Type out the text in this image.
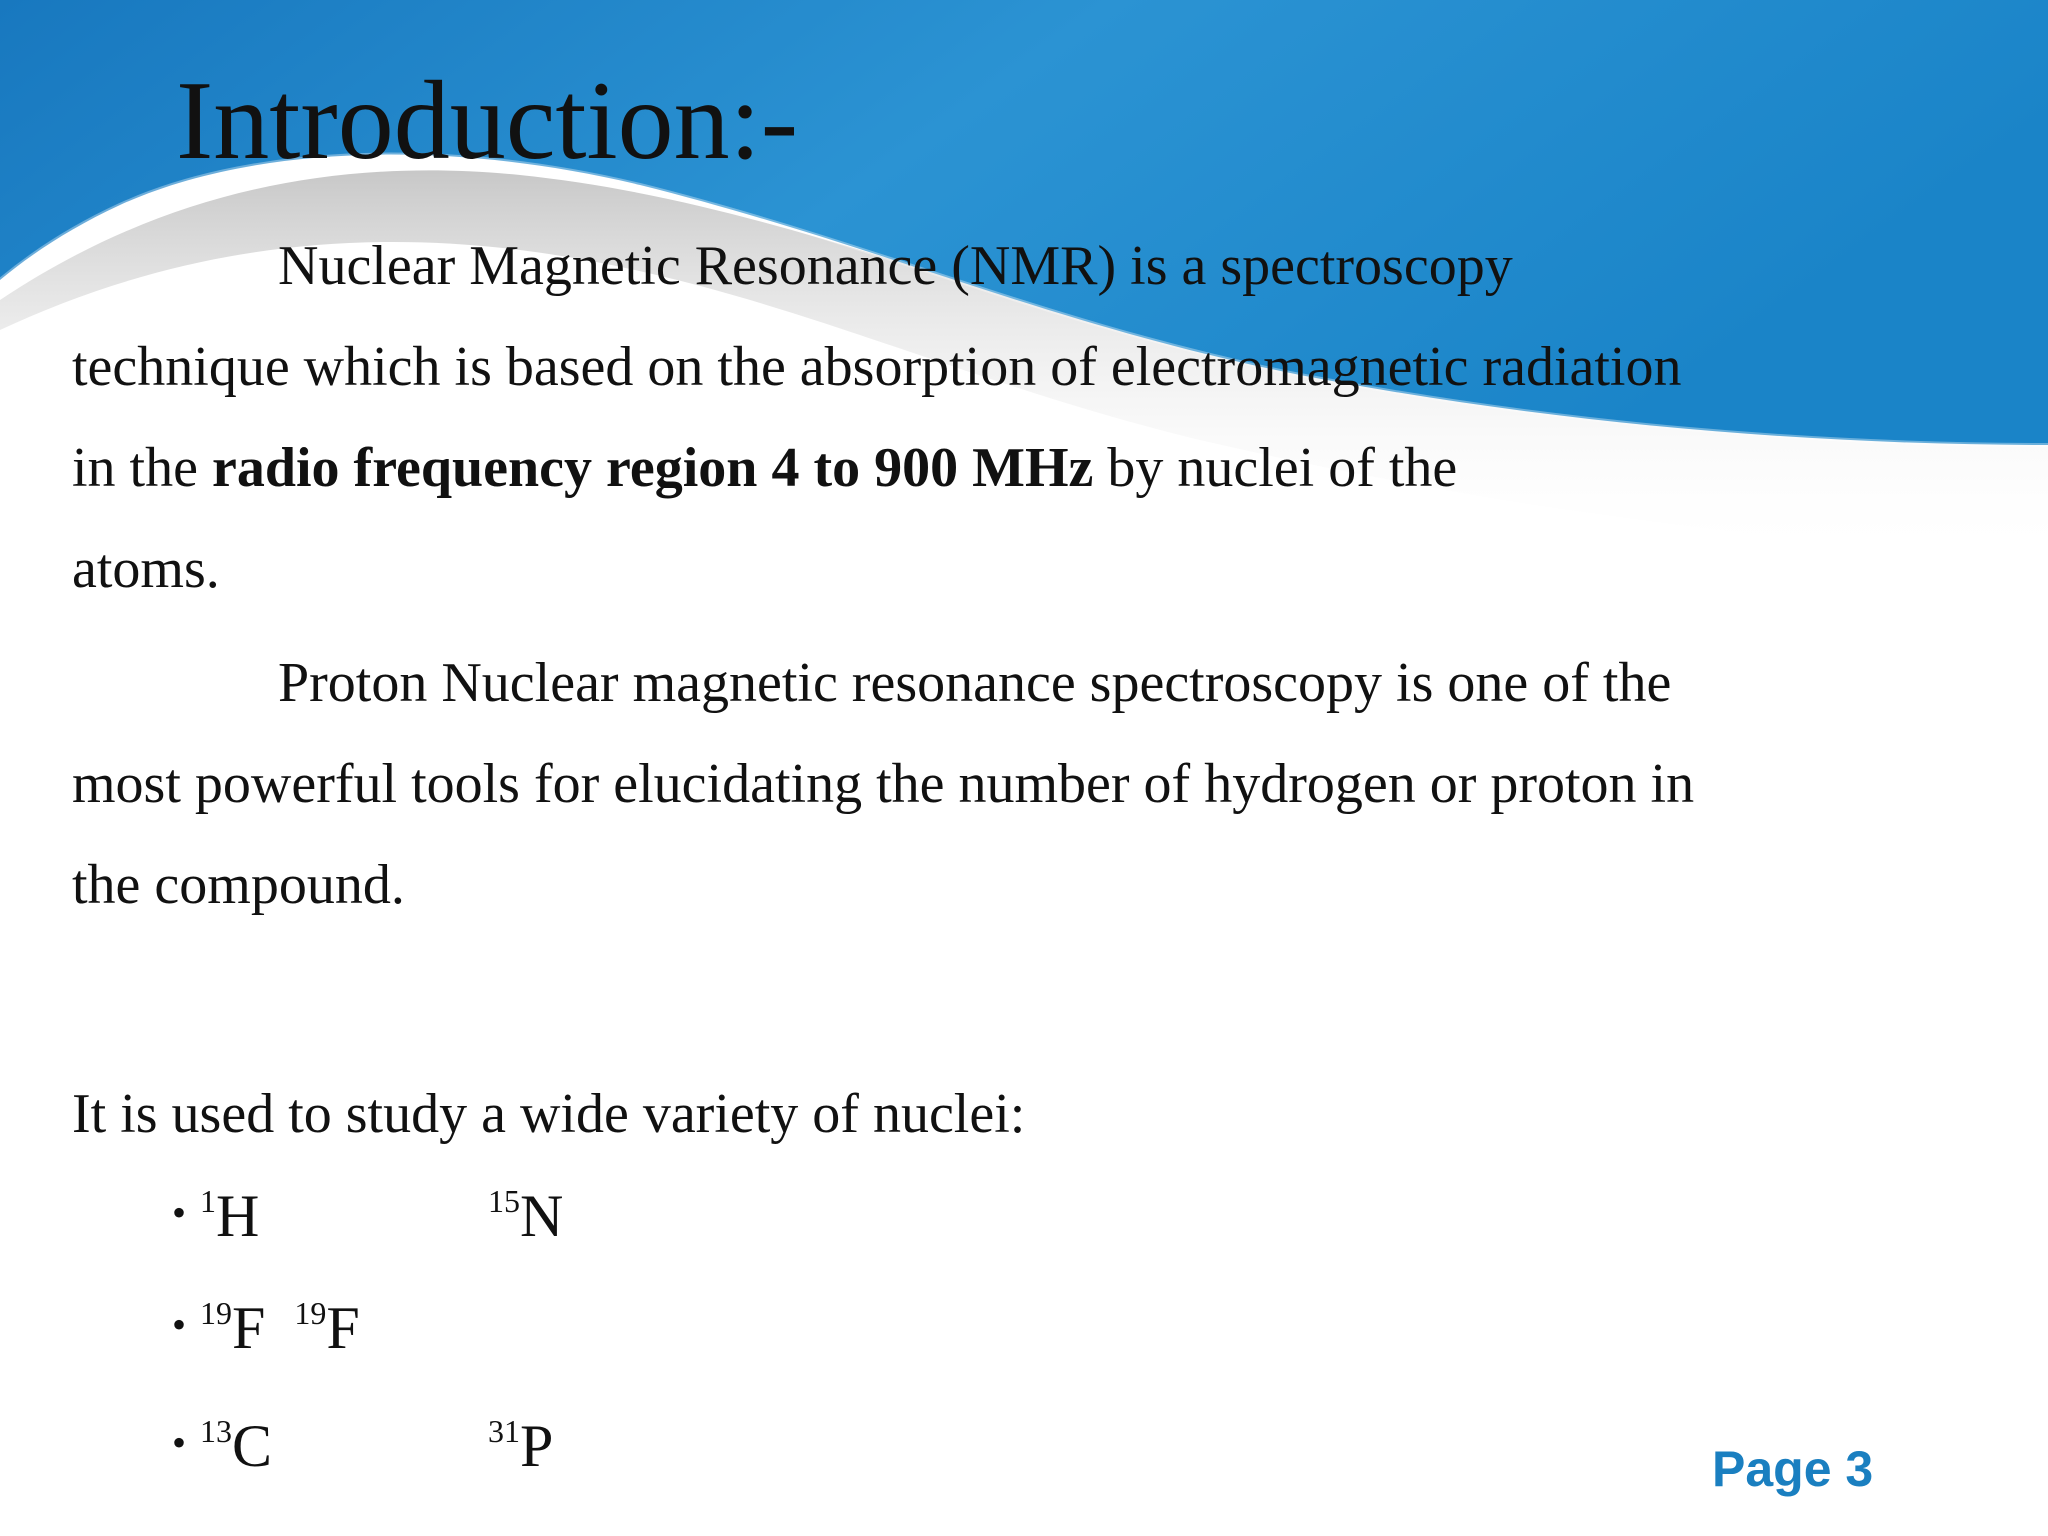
Introduction:-
Nuclear Magnetic Resonance (NMR) is a spectroscopy
technique which is based on the absorption of electromagnetic radiation
in the radio frequency region 4 to 900 MHz by nuclei of the
atoms.
Proton Nuclear magnetic resonance spectroscopy is one of the
most powerful tools for elucidating the number of hydrogen or proton in
the compound.
It is used to study a wide variety of nuclei:
• $^1$H	$^{15}$N
• $^{19}$F $^{19}$F
• $^{13}$C	$^{31}$P	Page 3
